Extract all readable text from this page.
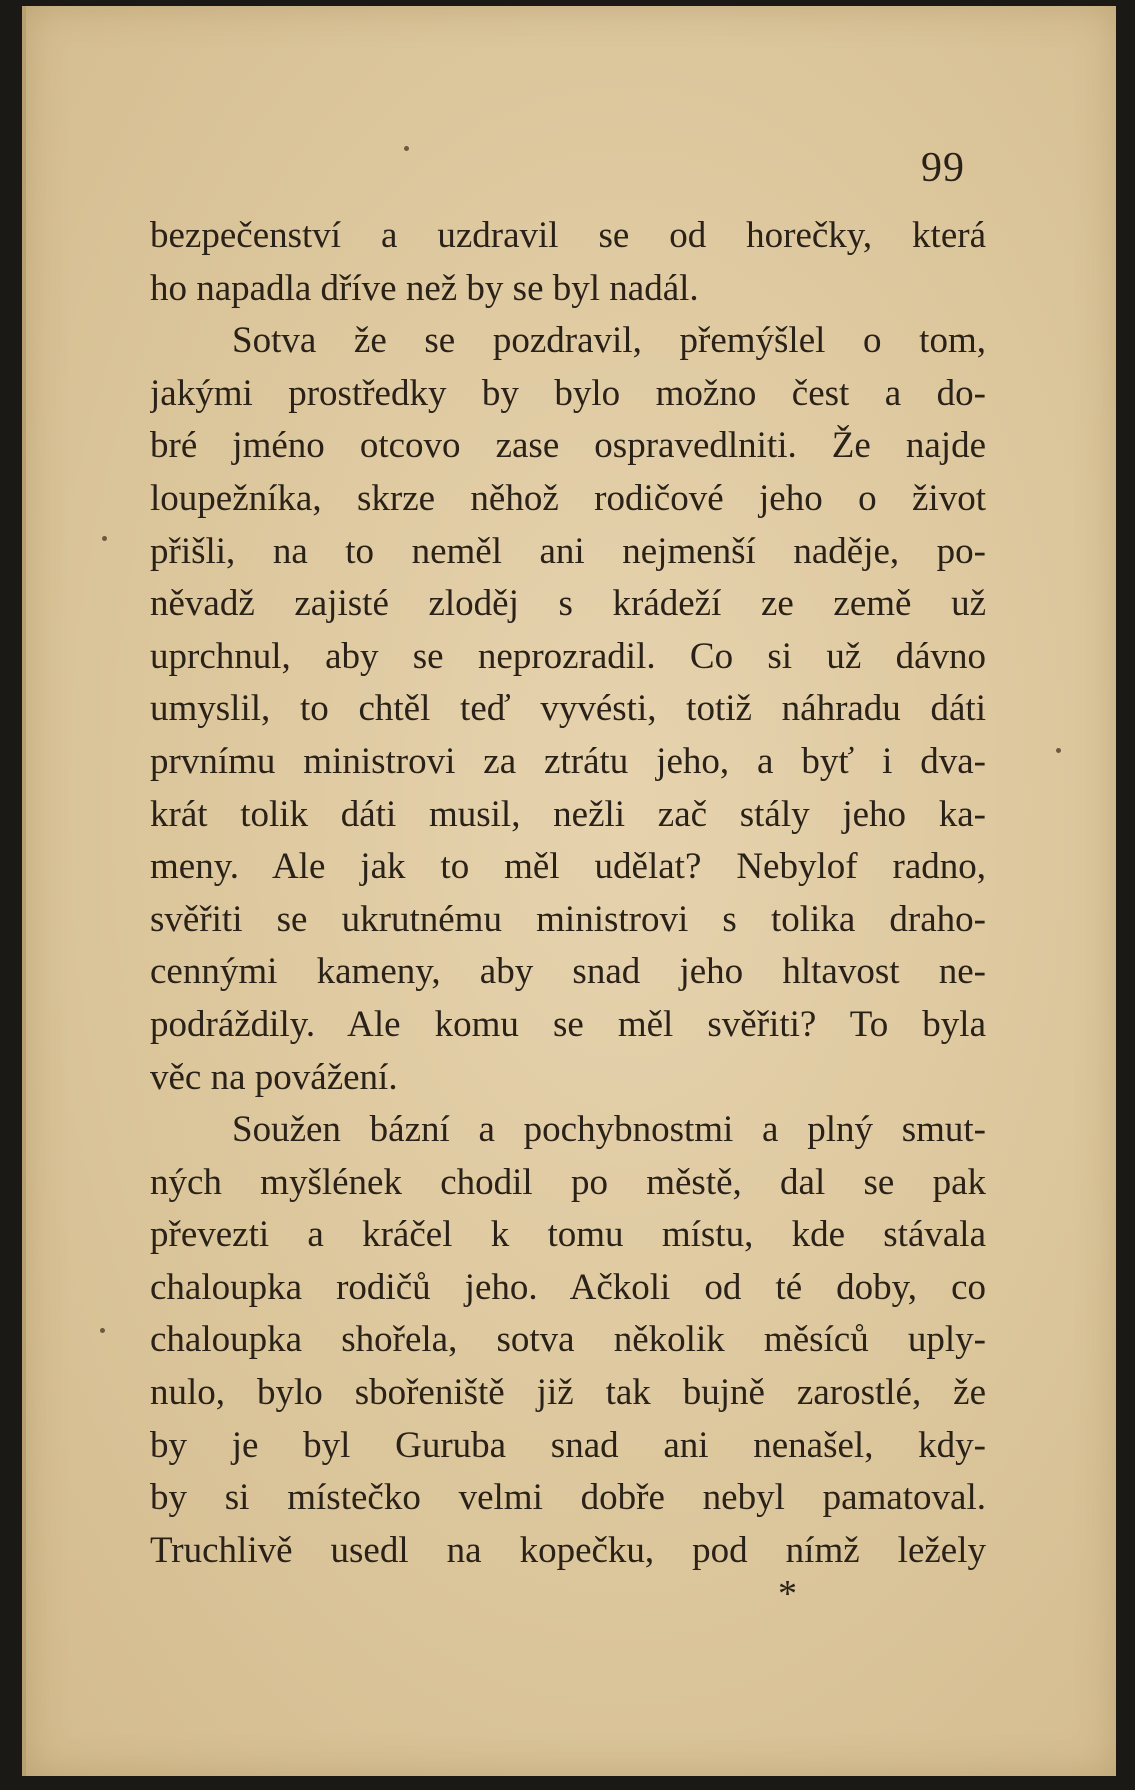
99
bezpečenství a uzdravil se od horečky, která
ho napadla dříve než by se byl nadál.
Sotva že se pozdravil, přemýšlel o tom,
jakými prostředky by bylo možno čest a do-
bré jméno otcovo zase ospravedlniti. Že najde
loupežníka, skrze něhož rodičové jeho o život
přišli, na to neměl ani nejmenší naděje, po-
něvadž zajisté zloděj s krádeží ze země už
uprchnul, aby se neprozradil. Co si už dávno
umyslil, to chtěl teď vyvésti, totiž náhradu dáti
prvnímu ministrovi za ztrátu jeho, a byť i dva-
krát tolik dáti musil, nežli zač stály jeho ka-
meny. Ale jak to měl udělat? Nebylof radno,
svěřiti se ukrutnému ministrovi s tolika draho-
cennými kameny, aby snad jeho hltavost ne-
podráždily. Ale komu se měl svěřiti? To byla
věc na povážení.
Soužen bázní a pochybnostmi a plný smut-
ných myšlének chodil po městě, dal se pak
převezti a kráčel k tomu místu, kde stávala
chaloupka rodičů jeho. Ačkoli od té doby, co
chaloupka shořela, sotva několik měsíců uply-
nulo, bylo sbořeniště již tak bujně zarostlé, že
by je byl Guruba snad ani nenašel, kdy-
by si místečko velmi dobře nebyl pamatoval.
Truchlivě usedl na kopečku, pod nímž ležely
*
